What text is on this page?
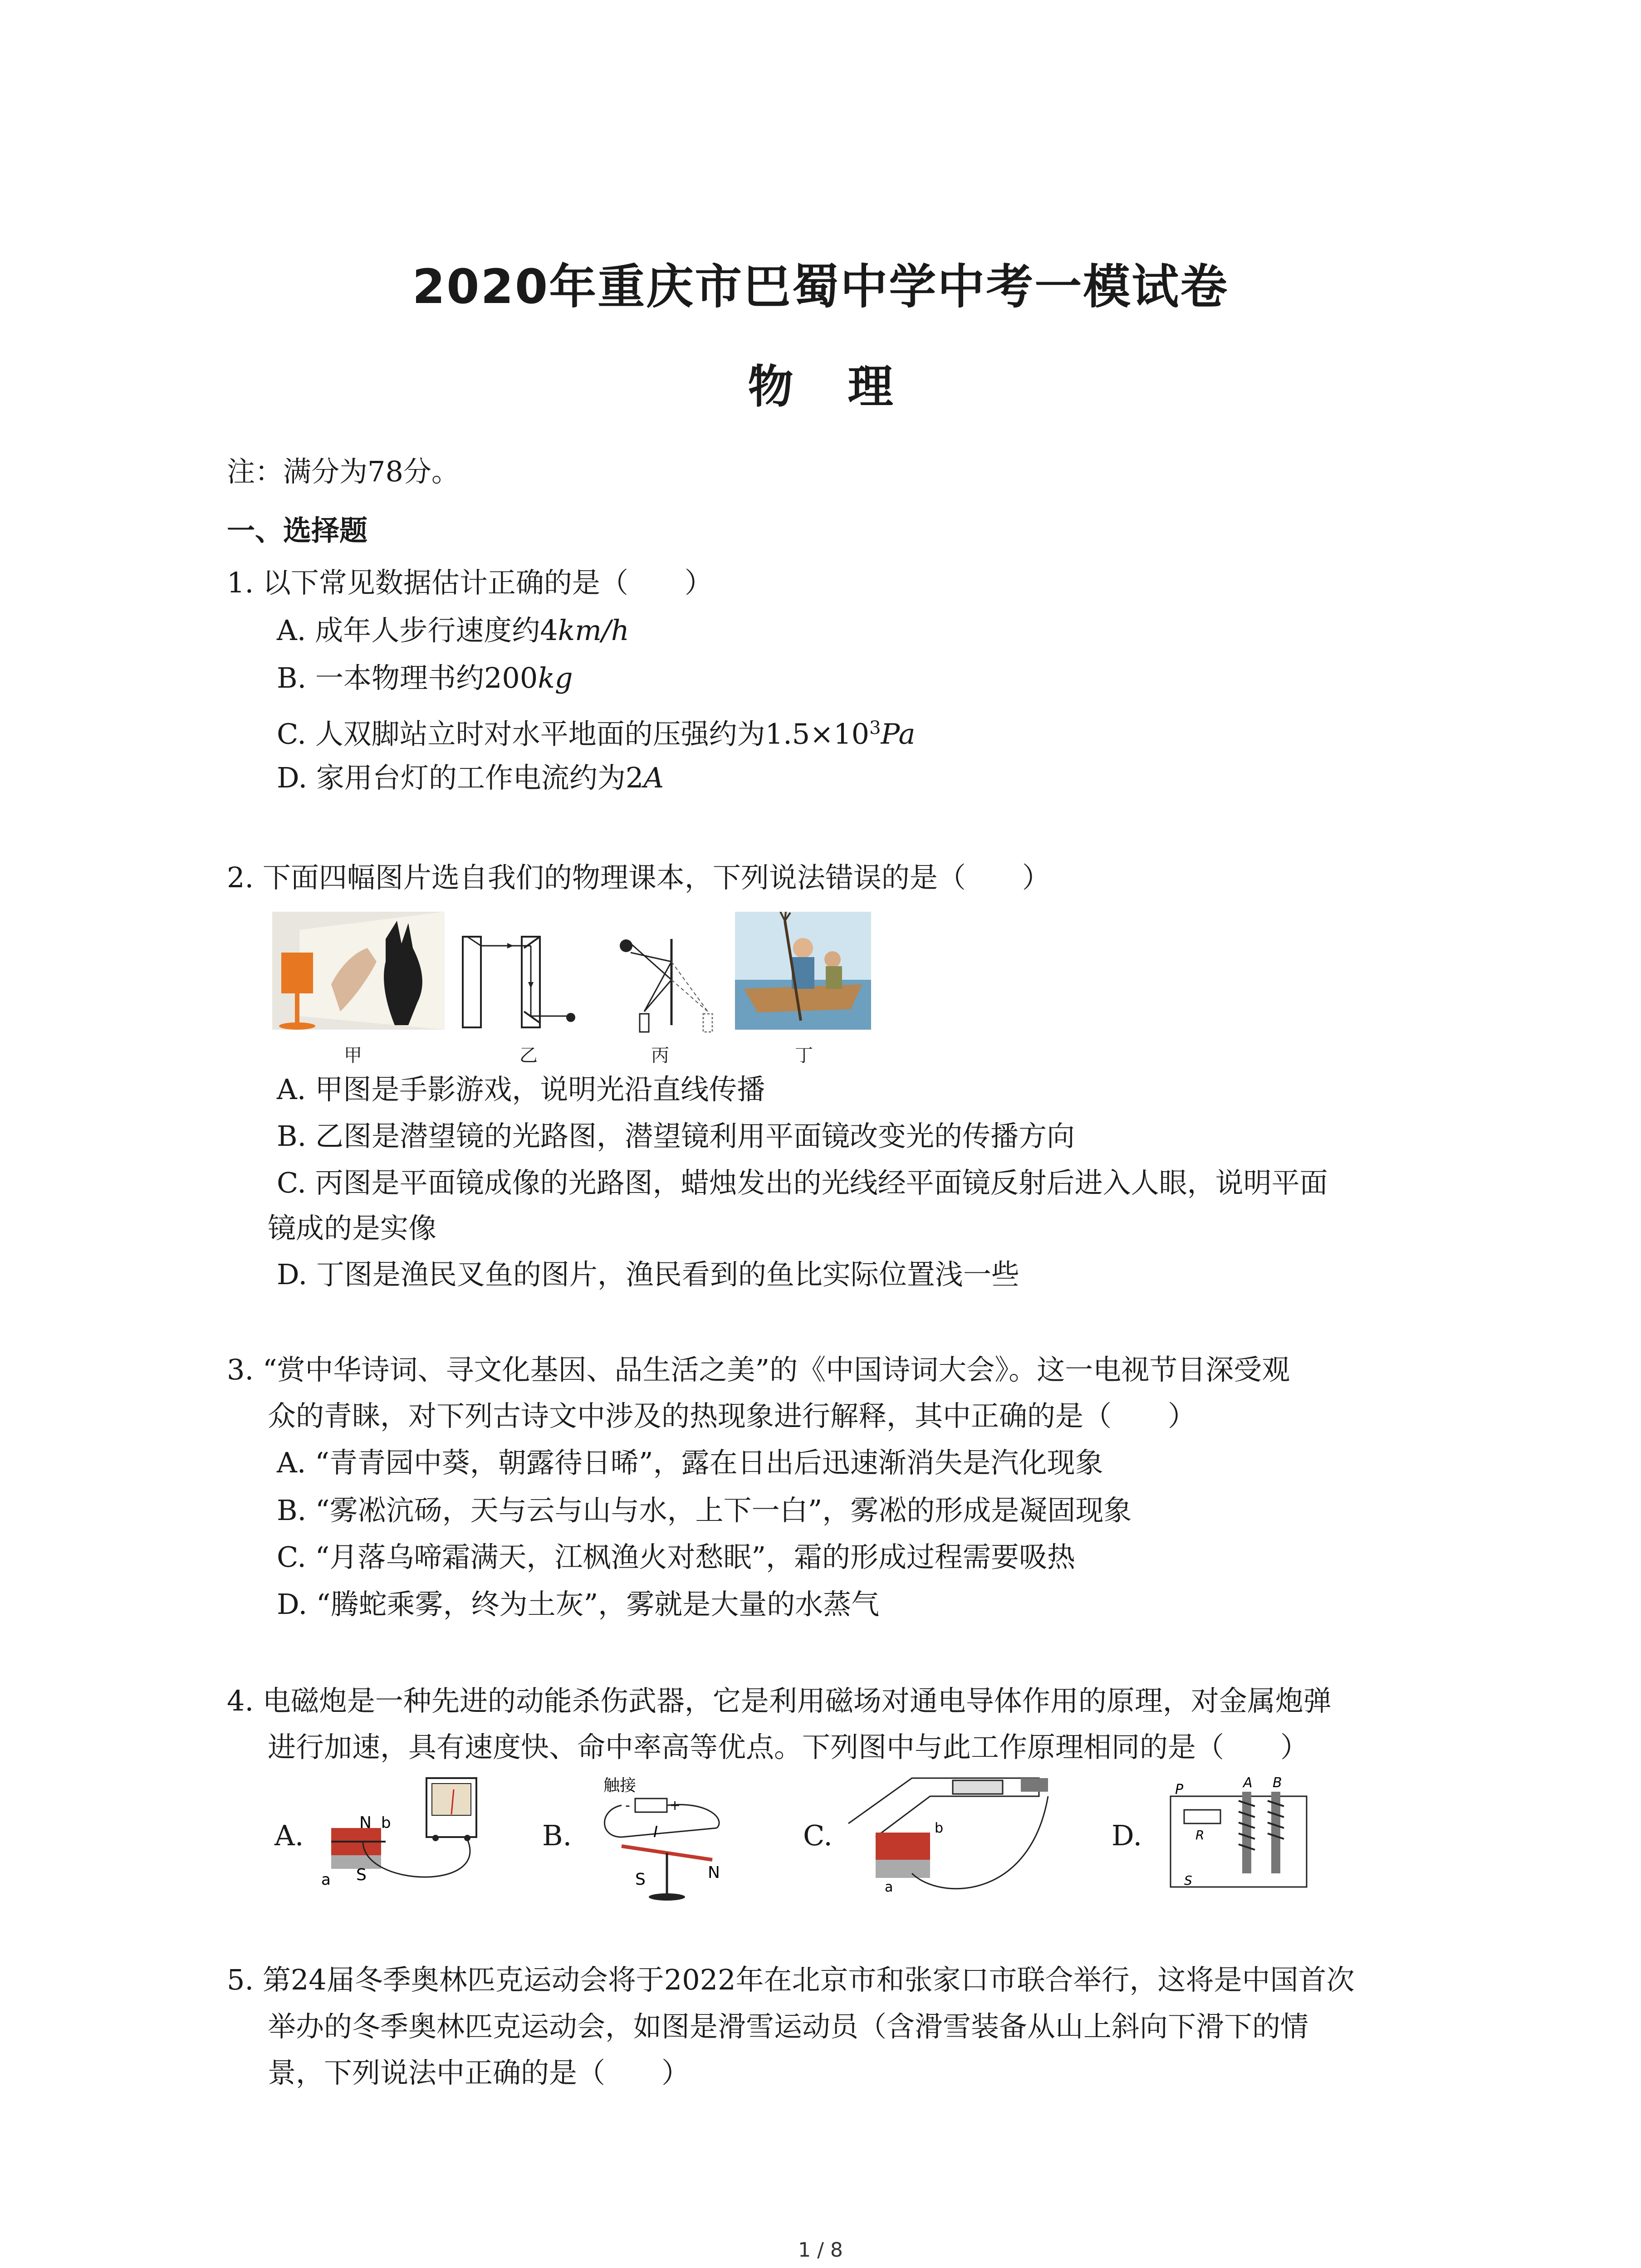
2020年重庆市巴蜀中学中考一模试卷
物理
注：满分为78分。
一、选择题
1. 以下常见数据估计正确的是（　　）
A. 成年人步行速度约4km/h
B. 一本物理书约200kg
C. 人双脚站立时对水平地面的压强约为$1.5\times 10^3Pa$
D. 家用台灯的工作电流约为2A
2. 下面四幅图片选自我们的物理课本，下列说法错误的是（　　）
甲	乙	丙	丁
A. 甲图是手影游戏，说明光沿直线传播
B. 乙图是潜望镜的光路图，潜望镜利用平面镜改变光的传播方向
C. 丙图是平面镜成像的光路图，蜡烛发出的光线经平面镜反射后进入人眼，说明平面
镜成的是实像
D. 丁图是渔民叉鱼的图片，渔民看到的鱼比实际位置浅一些
3. “赏中华诗词、寻文化基因、品生活之美”的《中国诗词大会》。这一电视节目深受观
众的青睐，对下列古诗文中涉及的热现象进行解释，其中正确的是（　　）
A. “青青园中葵，朝露待日晞”，露在日出后迅速渐消失是汽化现象
B. “雾凇沆砀，天与云与山与水，上下一白”，雾凇的形成是凝固现象
C. “月落乌啼霜满天，江枫渔火对愁眠”，霜的形成过程需要吸热
D. “腾蛇乘雾，终为土灰”，雾就是大量的水蒸气
4. 电磁炮是一种先进的动能杀伤武器，它是利用磁场对通电导体作用的原理，对金属炮弹
进行加速，具有速度快、命中率高等优点。下列图中与此工作原理相同的是（　　）
A.	N b
S
a
B.
触接
-	+
I
N
S
C.	b
a
D.
P
R
A B
S
5. 第24届冬季奥林匹克运动会将于2022年在北京市和张家口市联合举行，这将是中国首次
举办的冬季奥林匹克运动会，如图是滑雪运动员（含滑雪装备从山上斜向下滑下的情
景，下列说法中正确的是（　　）
1 / 8
